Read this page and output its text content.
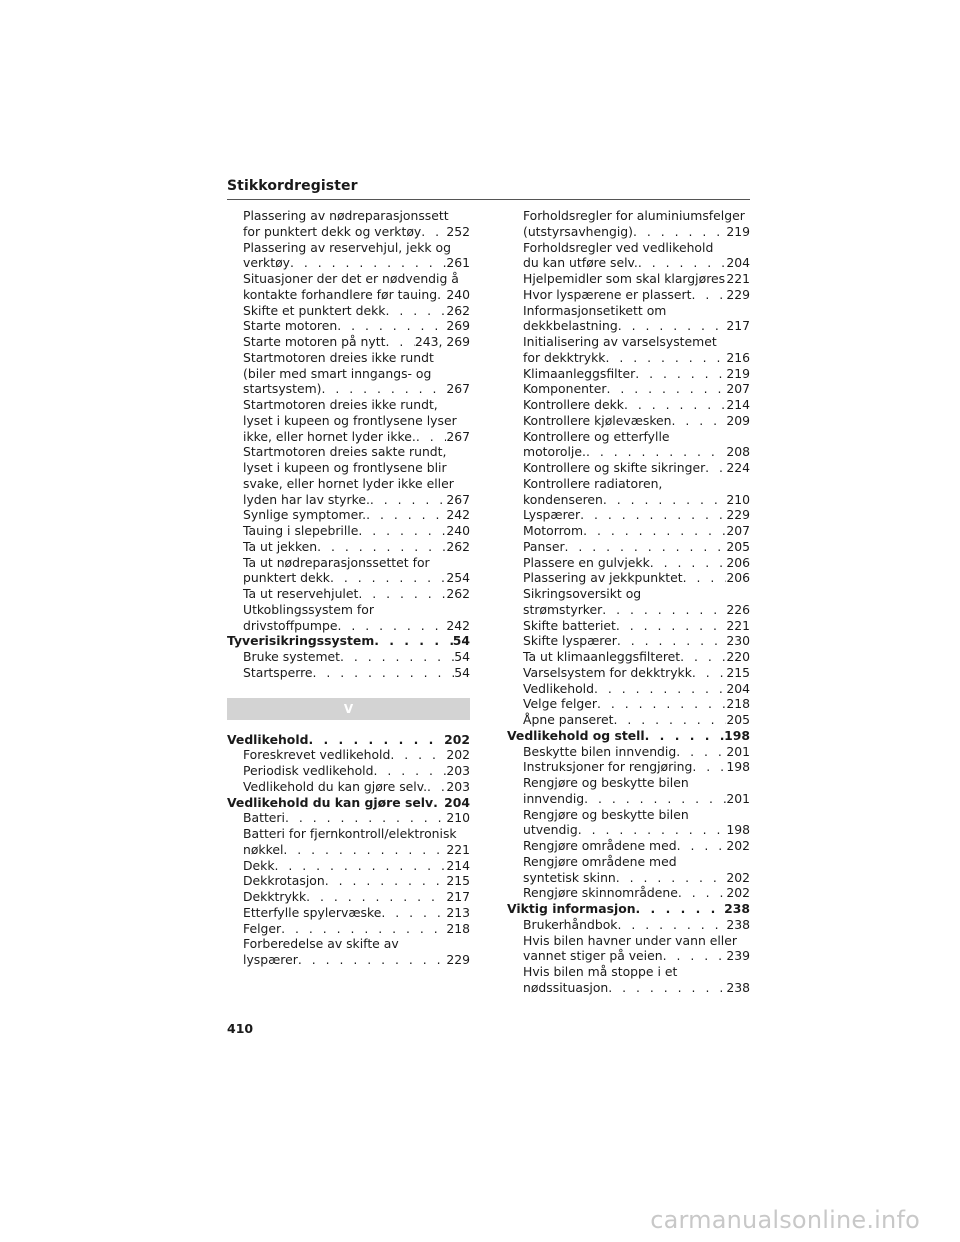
Stikkordregister
Plassering av nødreparasjonssett
for punktert dekk og verktøy . . . 252
Plassering av reservehjul, jekk og
verktøy . . .	261
Situasjoner der det er nødvendig å
kontakte forhandlere før tauing . . . 240
Skifte et punktert dekk . . .	262
Starte motoren . . .	269
Starte motoren på nytt . . . 243, 269
Startmotoren dreies ikke rundt
(biler med smart inngangs- og
startsystem) . . .	267
Startmotoren dreies ikke rundt,
lyset i kupeen og frontlysene lyser
ikke, eller hornet lyder ikke. . . . 267
Startmotoren dreies sakte rundt,
lyset i kupeen og frontlysene blir
svake, eller hornet lyder ikke eller
lyden har lav styrke. . . .	267
Synlige symptomer. . . .	242
Tauing i slepebrille . . .	240
Ta ut jekken . . .	262
Ta ut nødreparasjonssettet for
punktert dekk . . .	254
Ta ut reservehjulet . . .	262
Utkoblingssystem for
drivstoffpumpe . . .	242
Tyverisikringssystem . . .	54
Bruke systemet . . .	54
Startsperre . . .	54
V
Vedlikehold . . .	202
Foreskrevet vedlikehold . . .	202
Periodisk vedlikehold . . .	203
Vedlikehold du kan gjøre selv. . . . 203
Vedlikehold du kan gjøre selv . . . 204
Batteri . . .	210
Batteri for fjernkontroll/elektronisk
nøkkel . . .	221
Dekk . . .	214
Dekkrotasjon . . .	215
Dekktrykk . . .	217
Etterfylle spylervæske . . .	213
Felger . . .	218
Forberedelse av skifte av
lyspærer . . .	229
Forholdsregler for aluminiumsfelger
(utstyrsavhengig) . . .	219
Forholdsregler ved vedlikehold
du kan utføre selv. . . .	204
Hjelpemidler som skal klargjøres . . . 221
Hvor lyspærene er plassert . . .	229
Informasjonsetikett om
dekkbelastning . . .	217
Initialisering av varselsystemet
for dekktrykk . . .	216
Klimaanleggsfilter . . .	219
Komponenter . . .	207
Kontrollere dekk . . .	214
Kontrollere kjølevæsken . . .	209
Kontrollere og etterfylle
motorolje. . . .	208
Kontrollere og skifte sikringer . . . 224
Kontrollere radiatoren,
kondenseren . . .	210
Lyspærer . . .	229
Motorrom . . .	207
Panser . . .	205
Plassere en gulvjekk . . .	206
Plassering av jekkpunktet . . .	206
Sikringsoversikt og
strømstyrker . . .	226
Skifte batteriet . . .	221
Skifte lyspærer . . .	230
Ta ut klimaanleggsfilteret . . .	220
Varselsystem for dekktrykk . . .	215
Vedlikehold . . .	204
Velge felger . . .	218
Åpne panseret . . .	205
Vedlikehold og stell . . .	198
Beskytte bilen innvendig . . .	201
Instruksjoner for rengjøring . . .	198
Rengjøre og beskytte bilen
innvendig . . .	201
Rengjøre og beskytte bilen
utvendig . . .	198
Rengjøre områdene med . . .	202
Rengjøre områdene med
syntetisk skinn . . .	202
Rengjøre skinnområdene . . .	202
Viktig informasjon . . .	238
Brukerhåndbok . . .	238
Hvis bilen havner under vann eller
vannet stiger på veien . . .	239
Hvis bilen må stoppe i et
nødssituasjon . . .	238
410
carmanualsonline.info
